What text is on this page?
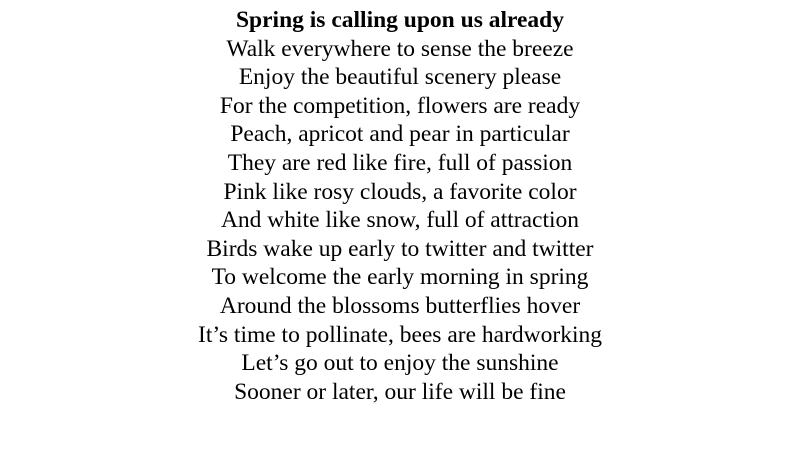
Spring is calling upon us already
Walk everywhere to sense the breeze
Enjoy the beautiful scenery please
For the competition, flowers are ready
Peach, apricot and pear in particular
They are red like fire, full of passion
Pink like rosy clouds, a favorite color
And white like snow, full of attraction
Birds wake up early to twitter and twitter
To welcome the early morning in spring
Around the blossoms butterflies hover
It’s time to pollinate, bees are hardworking
Let’s go out to enjoy the sunshine
Sooner or later, our life will be fine
